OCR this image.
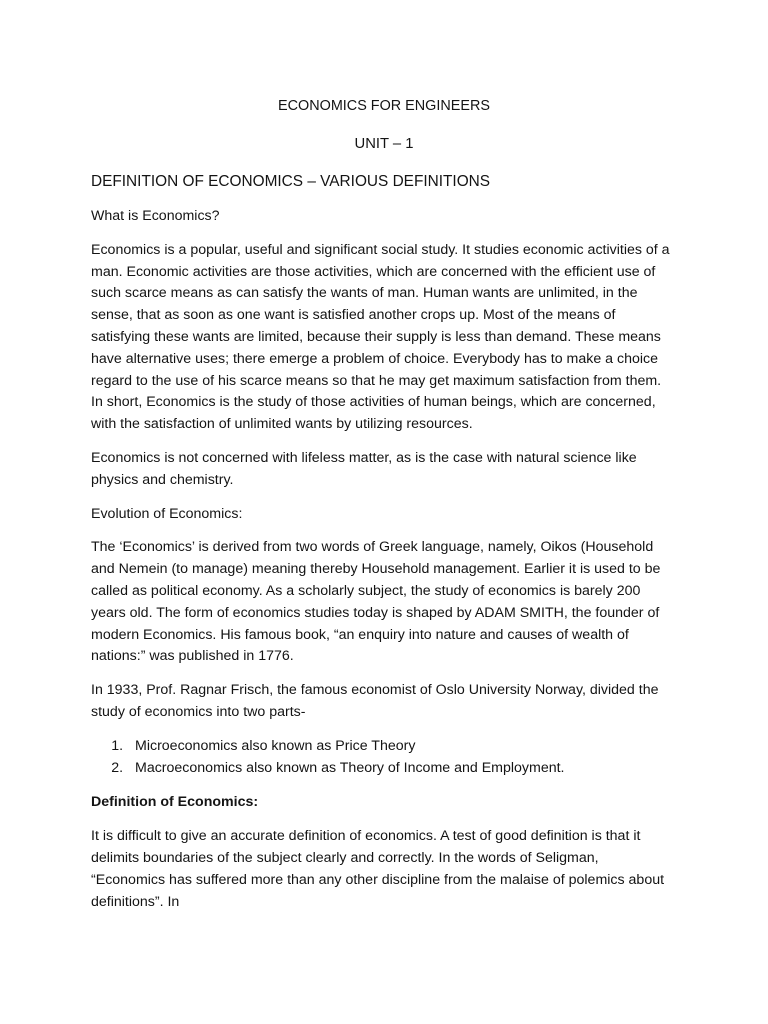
ECONOMICS FOR ENGINEERS
UNIT – 1
DEFINITION OF ECONOMICS – VARIOUS DEFINITIONS

What is Economics?

Economics is a popular, useful and significant social study. It studies economic activities of a man. Economic activities are those activities, which are concerned with the efficient use of such scarce means as can satisfy the wants of man. Human wants are unlimited, in the sense, that as soon as one want is satisfied another crops up. Most of the means of satisfying these wants are limited, because their supply is less than demand. These means have alternative uses; there emerge a problem of choice. Everybody has to make a choice regard to the use of his scarce means so that he may get maximum satisfaction from them. In short, Economics is the study of those activities of human beings, which are concerned, with the satisfaction of unlimited wants by utilizing resources.

Economics is not concerned with lifeless matter, as is the case with natural science like physics and chemistry.

Evolution of Economics:

The ‘Economics’ is derived from two words of Greek language, namely, Oikos (Household and Nemein (to manage) meaning thereby Household management. Earlier it is used to be called as political economy. As a scholarly subject, the study of economics is barely 200 years old. The form of economics studies today is shaped by ADAM SMITH, the founder of modern Economics. His famous book, “an enquiry into nature and causes of wealth of nations:” was published in 1776.

In 1933, Prof. Ragnar Frisch, the famous economist of Oslo University Norway, divided the study of economics into two parts-

1. Microeconomics also known as Price Theory
2. Macroeconomics also known as Theory of Income and Employment.

Definition of Economics:

It is difficult to give an accurate definition of economics. A test of good definition is that it delimits boundaries of the subject clearly and correctly. In the words of Seligman, “Economics has suffered more than any other discipline from the malaise of polemics about definitions”. In
